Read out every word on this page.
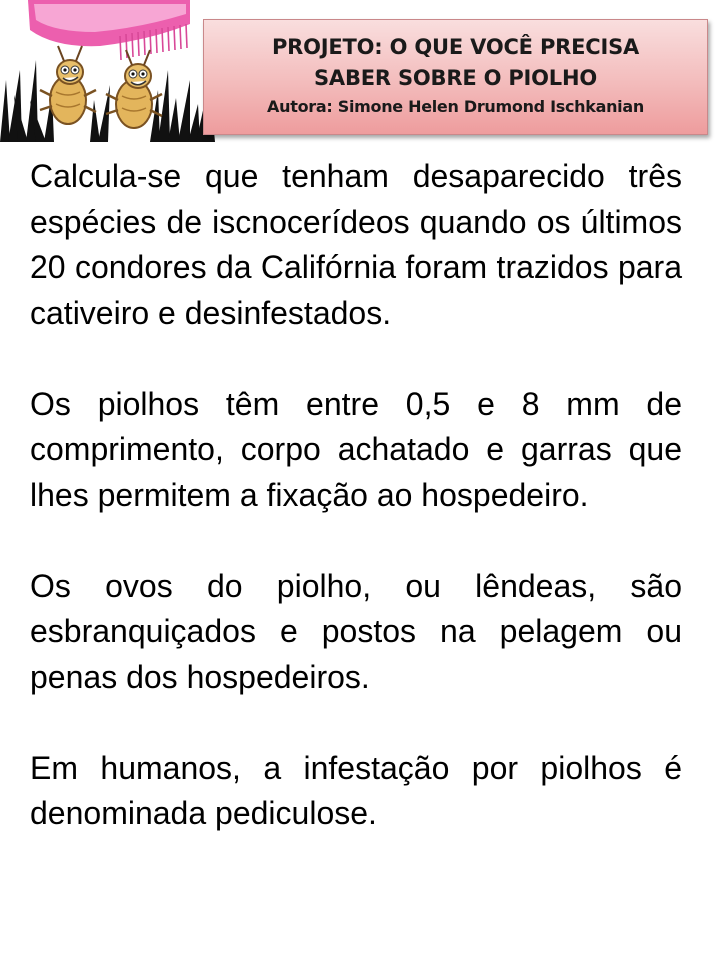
PROJETO: O QUE VOCÊ PRECISA
SABER SOBRE O PIOLHO
Autora: Simone Helen Drumond Ischkanian

Calcula-se que tenham desaparecido três espécies de iscnocerídeos quando os últimos 20 condores da Califórnia foram trazidos para cativeiro e desinfestados.

Os piolhos têm entre 0,5 e 8 mm de comprimento, corpo achatado e garras que lhes permitem a fixação ao hospedeiro.

Os ovos do piolho, ou lêndeas, são esbranquiçados e postos na pelagem ou penas dos hospedeiros.

Em humanos, a infestação por piolhos é denominada pediculose.
